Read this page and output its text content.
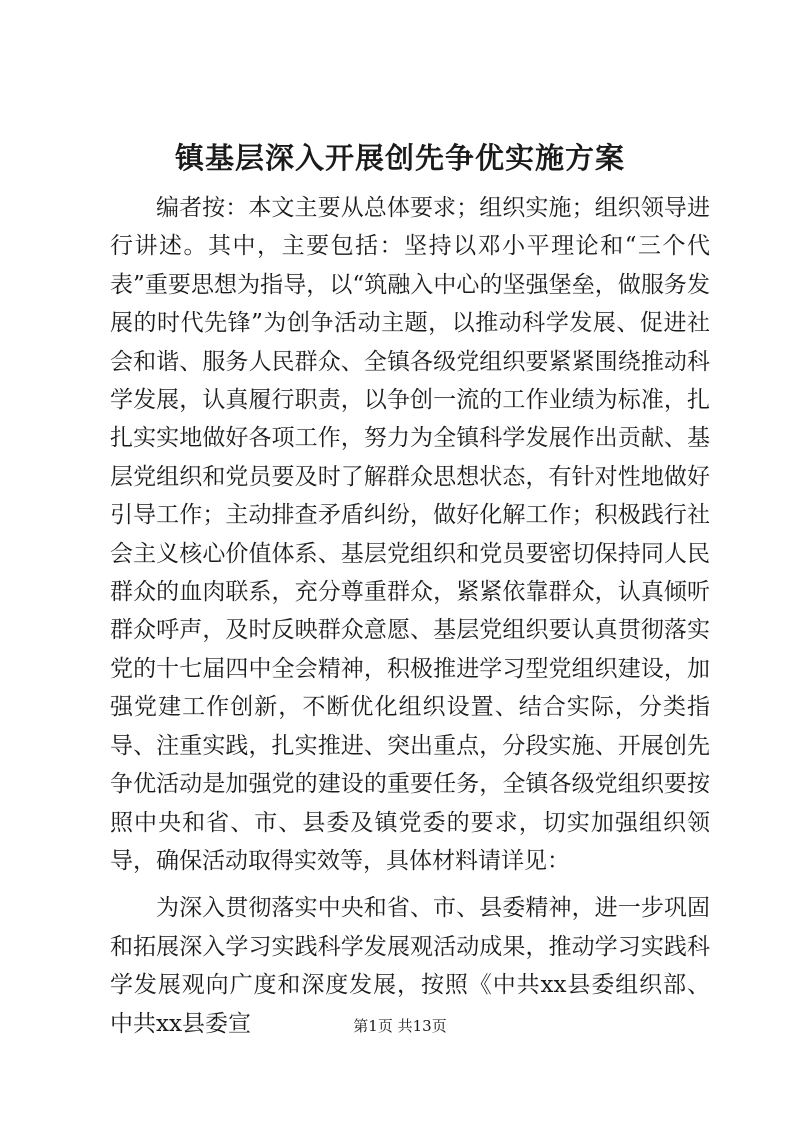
镇基层深入开展创先争优实施方案

编者按：本文主要从总体要求；组织实施；组织领导进行讲述。其中，主要包括：坚持以邓小平理论和“三个代表”重要思想为指导，以“筑融入中心的坚强堡垒，做服务发展的时代先锋”为创争活动主题，以推动科学发展、促进社会和谐、服务人民群众、全镇各级党组织要紧紧围绕推动科学发展，认真履行职责，以争创一流的工作业绩为标准，扎扎实实地做好各项工作，努力为全镇科学发展作出贡献、基层党组织和党员要及时了解群众思想状态，有针对性地做好引导工作；主动排查矛盾纠纷，做好化解工作；积极践行社会主义核心价值体系、基层党组织和党员要密切保持同人民群众的血肉联系，充分尊重群众，紧紧依靠群众，认真倾听群众呼声，及时反映群众意愿、基层党组织要认真贯彻落实党的十七届四中全会精神，积极推进学习型党组织建设，加强党建工作创新，不断优化组织设置、结合实际，分类指导、注重实践，扎实推进、突出重点，分段实施、开展创先争优活动是加强党的建设的重要任务，全镇各级党组织要按照中央和省、市、县委及镇党委的要求，切实加强组织领导，确保活动取得实效等，具体材料请详见：

为深入贯彻落实中央和省、市、县委精神，进一步巩固和拓展深入学习实践科学发展观活动成果，推动学习实践科学发展观向广度和深度发展，按照《中共xx县委组织部、中共xx县委宣	第1页 共13页
